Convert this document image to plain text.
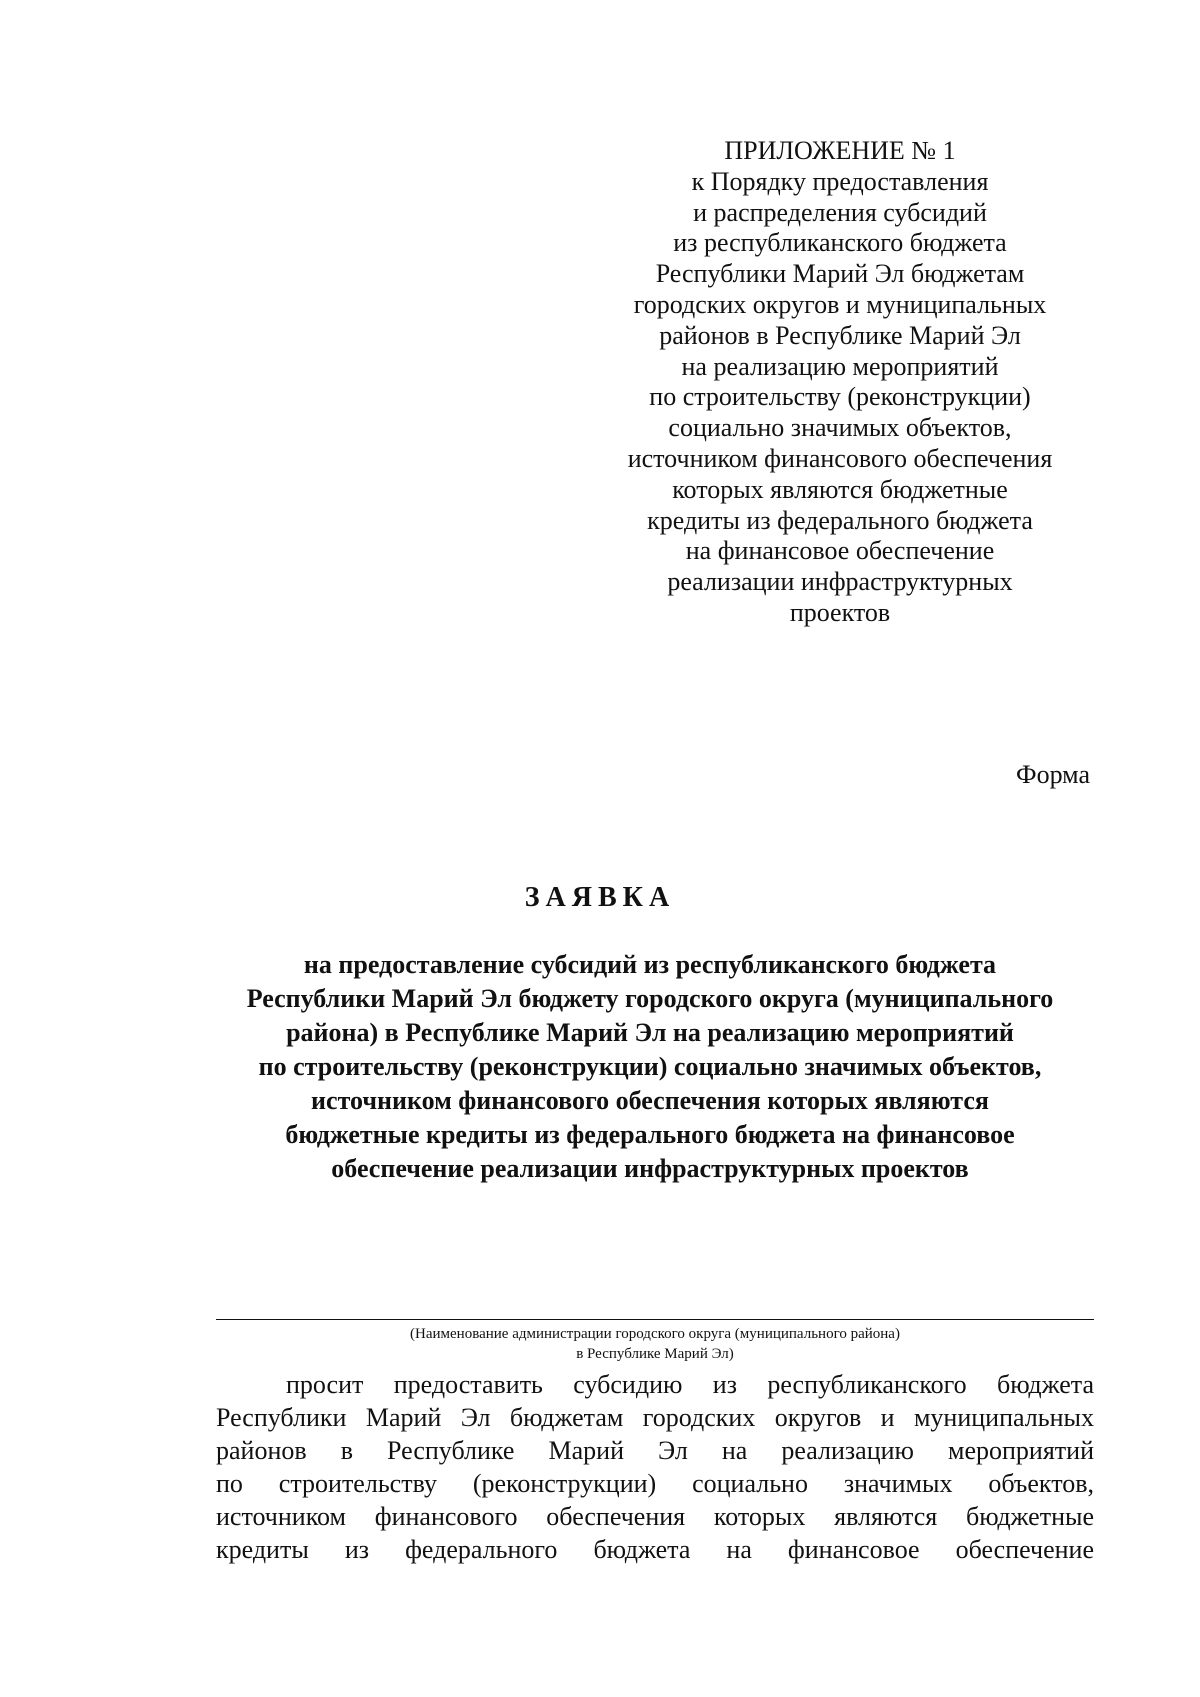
ПРИЛОЖЕНИЕ № 1
к Порядку предоставления
и распределения субсидий
из республиканского бюджета
Республики Марий Эл бюджетам
городских округов и муниципальных
районов в Республике Марий Эл
на реализацию мероприятий
по строительству (реконструкции)
социально значимых объектов,
источником финансового обеспечения
которых являются бюджетные
кредиты из федерального бюджета
на финансовое обеспечение
реализации инфраструктурных
проектов
Форма
ЗАЯВКА
на предоставление субсидий из республиканского бюджета
Республики Марий Эл бюджету городского округа (муниципального
района) в Республике Марий Эл на реализацию мероприятий
по строительству (реконструкции) социально значимых объектов,
источником финансового обеспечения которых являются
бюджетные кредиты из федерального бюджета на финансовое
обеспечение реализации инфраструктурных проектов
(Наименование администрации городского округа (муниципального района)
в Республике Марий Эл)
просит предоставить субсидию из республиканского бюджета
Республики Марий Эл бюджетам городских округов и муниципальных
районов в Республике Марий Эл на реализацию мероприятий
по строительству (реконструкции) социально значимых объектов,
источником финансового обеспечения которых являются бюджетные
кредиты из федерального бюджета на финансовое обеспечение
